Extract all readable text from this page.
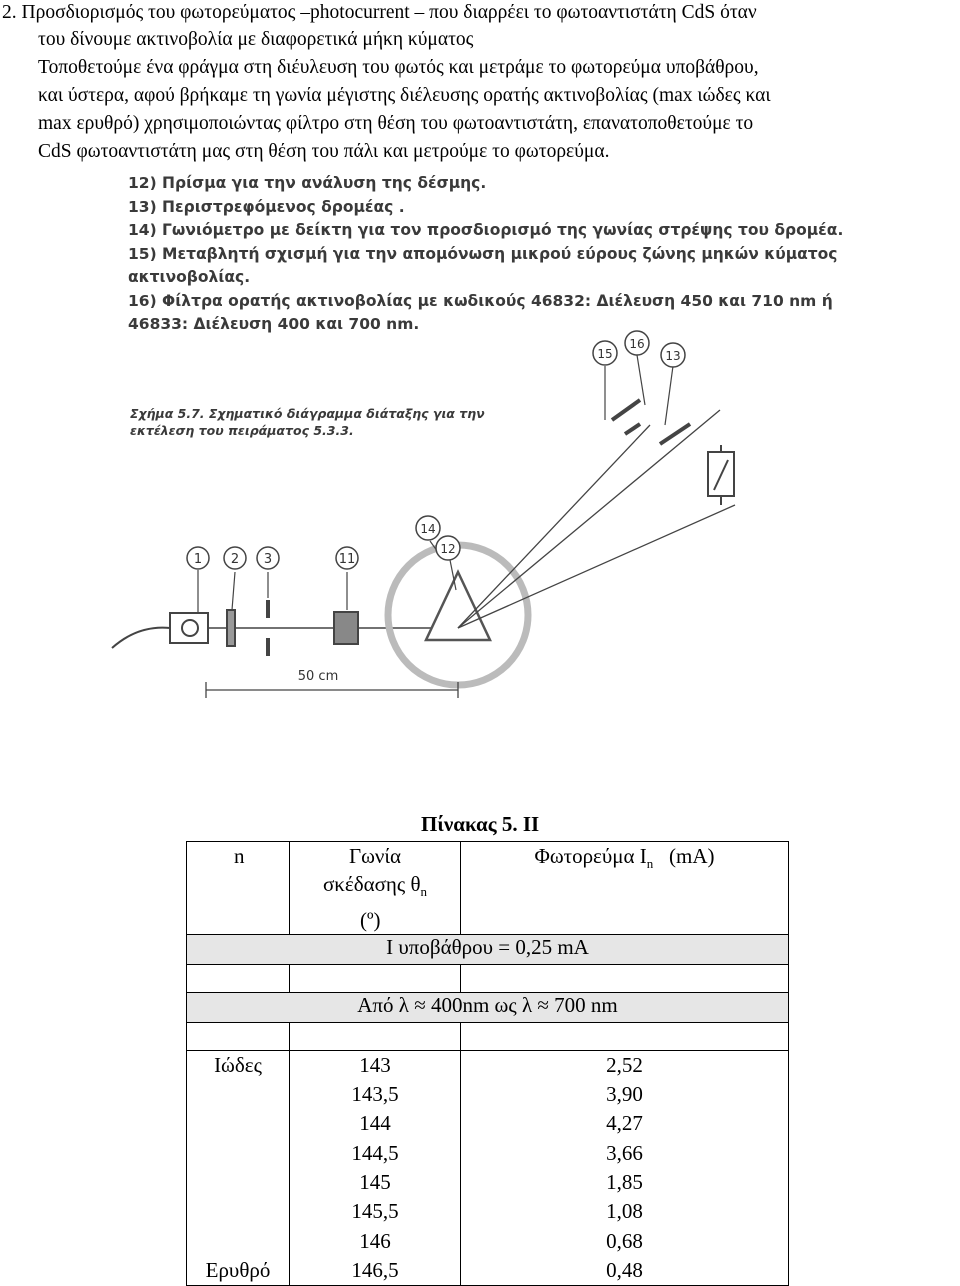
2. Προσδιορισμός του φωτορεύματος –photocurrent – που διαρρέει το φωτοαντιστάτη CdS όταν
του δίνουμε ακτινοβολία με διαφορετικά μήκη κύματος
Τοποθετούμε ένα φράγμα στη διέυλευση του φωτός και μετράμε το φωτορεύμα υποβάθρου,
και ύστερα, αφού βρήκαμε τη γωνία μέγιστης διέλευσης ορατής ακτινοβολίας (max ιώδες και
max ερυθρό) χρησιμοποιώντας φίλτρο στη θέση του φωτοαντιστάτη, επανατοποθετούμε το
CdS φωτοαντιστάτη μας στη θέση του πάλι και μετρούμε το φωτορεύμα.
12) Πρίσμα για την ανάλυση της δέσμης.
13) Περιστρεφόμενος δρομέας .
14) Γωνιόμετρο με δείκτη για τον προσδιορισμό της γωνίας στρέψης του δρομέα.
15) Μεταβλητή σχισμή για την απομόνωση μικρού εύρους ζώνης μηκών κύματος
ακτινοβολίας.
16) Φίλτρα ορατής ακτινοβολίας με κωδικούς 46832: Διέλευση 450 και 710 nm ή
46833: Διέλευση 400 και 700 nm.
Σχήμα 5.7. Σχηματικό διάγραμμα διάταξης για την
εκτέλεση του πειράματος 5.3.3.
1 2 3	11
14
12
15
16
13
50 cm
Πίνακας 5. ΙΙ
n	Γωνία
σκέδασης $\theta_n$
(º)	Φωτορεύμα $I_n$ (mA)

Ι υποβάθρου = 0,25 mA		

Από λ ≈ 400nm ως λ ≈ 700 nm		

Ιώδες	143	2,52
	143,5	3,90
	144	4,27
	144,5	3,66
	145	1,85
	145,5	1,08
	146	0,68
Ερυθρό	146,5	0,48
